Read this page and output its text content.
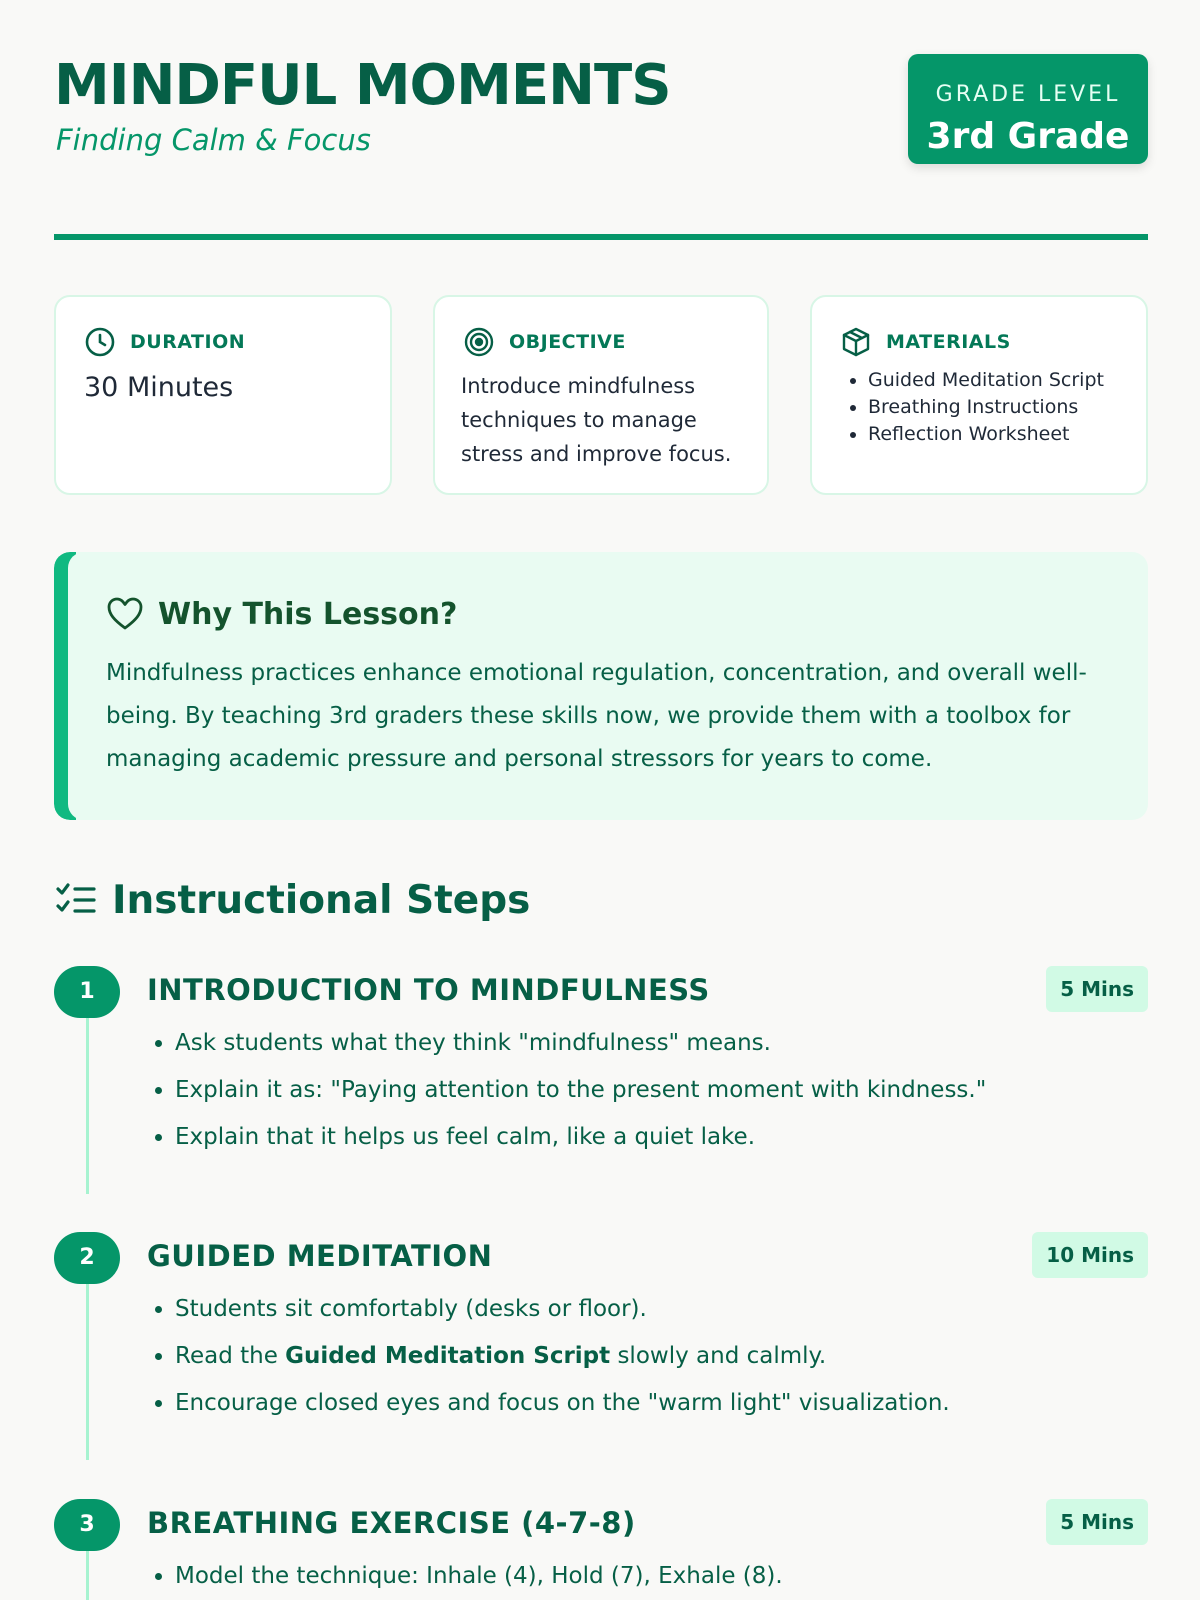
MINDFUL MOMENTS

Finding Calm & Focus

GRADE LEVEL
3rd Grade
DURATION
30 Minutes
OBJECTIVE

Introduce mindfulness techniques to manage stress and improve focus.

MATERIALS
• Guided Meditation Script
• Breathing Instructions
• Reflection Worksheet
Why This Lesson?

Mindfulness practices enhance emotional regulation, concentration, and overall well-being. By teaching 3rd graders these skills now, we provide them with a toolbox for managing academic pressure and personal stressors for years to come.

Instructional Steps
1	INTRODUCTION TO MINDFULNESS	5 Mins
• Ask students what they think "mindfulness" means.
• Explain it as: "Paying attention to the present moment with kindness."
• Explain that it helps us feel calm, like a quiet lake.
2	GUIDED MEDITATION	10 Mins
• Students sit comfortably (desks or floor).
• Read the Guided Meditation Script slowly and calmly.
• Encourage closed eyes and focus on the "warm light" visualization.
3	BREATHING EXERCISE (4-7-8)	5 Mins
• Model the technique: Inhale (4), Hold (7), Exhale (8).
